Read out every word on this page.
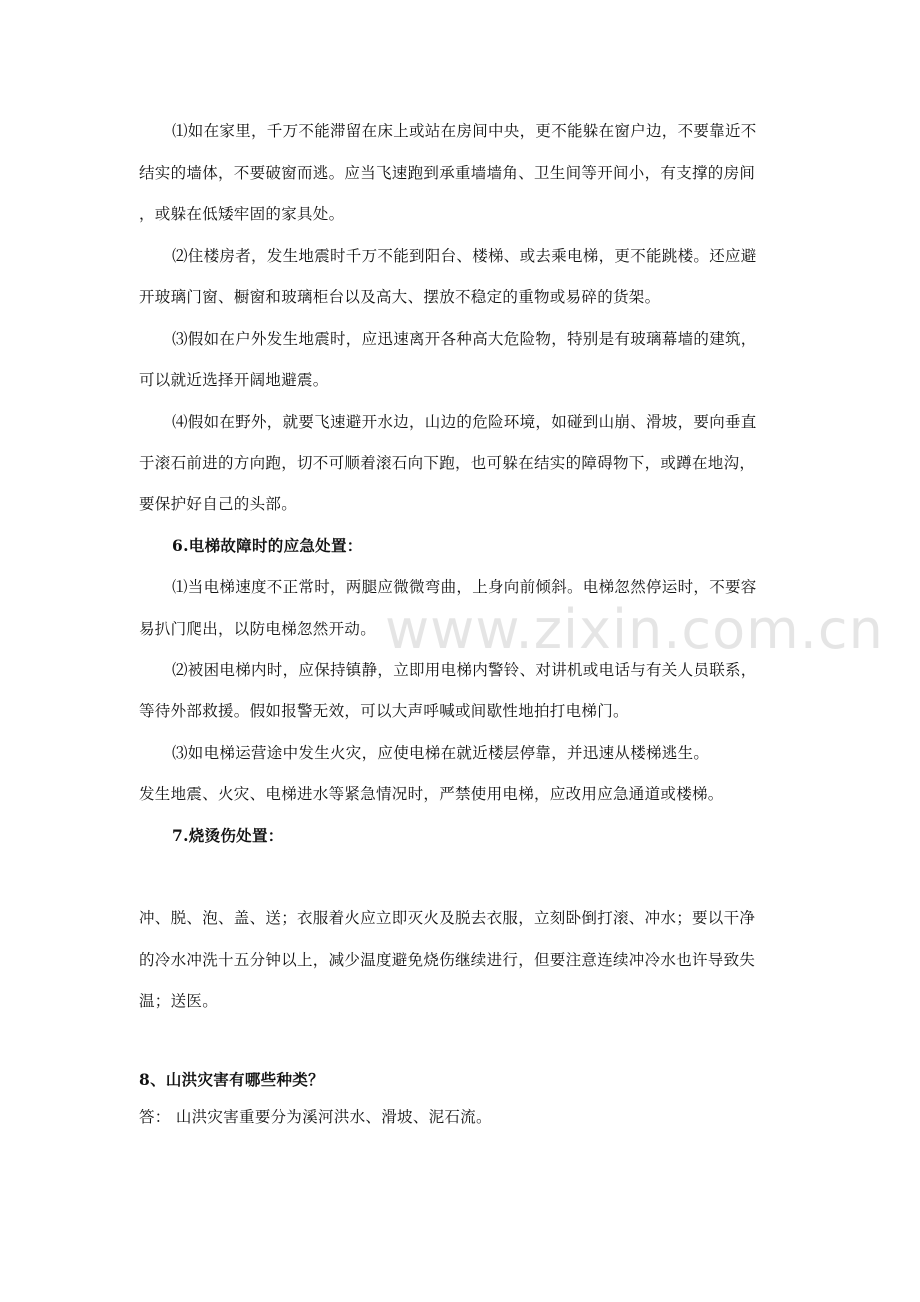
www.zixin.com.cn
⑴如在家里，千万不能滞留在床上或站在房间中央，更不能躲在窗户边，不要靠近不
结实的墙体，不要破窗而逃。应当飞速跑到承重墙墙角、卫生间等开间小，有支撑的房间
，或躲在低矮牢固的家具处。
⑵住楼房者，发生地震时千万不能到阳台、楼梯、或去乘电梯，更不能跳楼。还应避
开玻璃门窗、橱窗和玻璃柜台以及高大、摆放不稳定的重物或易碎的货架。
⑶假如在户外发生地震时，应迅速离开各种高大危险物，特别是有玻璃幕墙的建筑，
可以就近选择开阔地避震。
⑷假如在野外，就要飞速避开水边，山边的危险环境，如碰到山崩、滑坡，要向垂直
于滚石前进的方向跑，切不可顺着滚石向下跑，也可躲在结实的障碍物下，或蹲在地沟，
要保护好自己的头部。
6.电梯故障时的应急处置：
⑴当电梯速度不正常时，两腿应微微弯曲，上身向前倾斜。电梯忽然停运时，不要容
易扒门爬出，以防电梯忽然开动。
⑵被困电梯内时，应保持镇静，立即用电梯内警铃、对讲机或电话与有关人员联系，
等待外部救援。假如报警无效，可以大声呼喊或间歇性地拍打电梯门。
⑶如电梯运营途中发生火灾，应使电梯在就近楼层停靠，并迅速从楼梯逃生。
发生地震、火灾、电梯进水等紧急情况时，严禁使用电梯，应改用应急通道或楼梯。
7.烧烫伤处置：
冲、脱、泡、盖、送；衣服着火应立即灭火及脱去衣服，立刻卧倒打滚、冲水；要以干净
的冷水冲洗十五分钟以上，减少温度避免烧伤继续进行，但要注意连续冲冷水也许导致失
温；送医。
8、山洪灾害有哪些种类？
答： 山洪灾害重要分为溪河洪水、滑坡、泥石流。
